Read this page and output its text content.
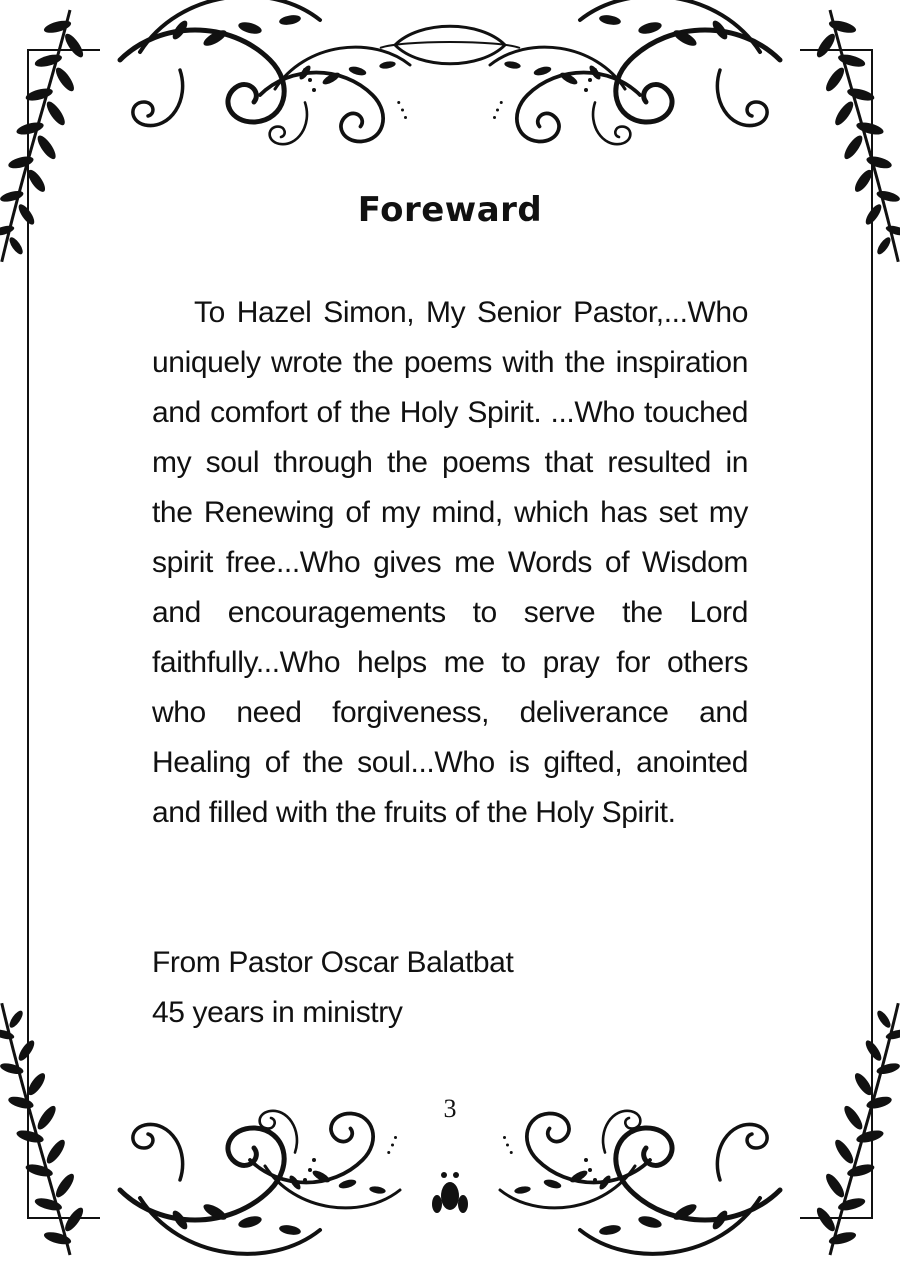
Foreward
To Hazel Simon, My Senior Pastor,...Who uniquely wrote the poems with the inspiration and comfort of the Holy Spirit. ...Who touched my soul through the poems that resulted in the Renewing of my mind, which has set my spirit free...Who gives me Words of Wisdom and encouragements to serve the Lord faithfully...Who helps me to pray for others who need forgiveness, deliverance and Healing of the soul...Who is gifted, anointed and filled with the fruits of the Holy Spirit.
From Pastor Oscar Balatbat
45 years in ministry
3
